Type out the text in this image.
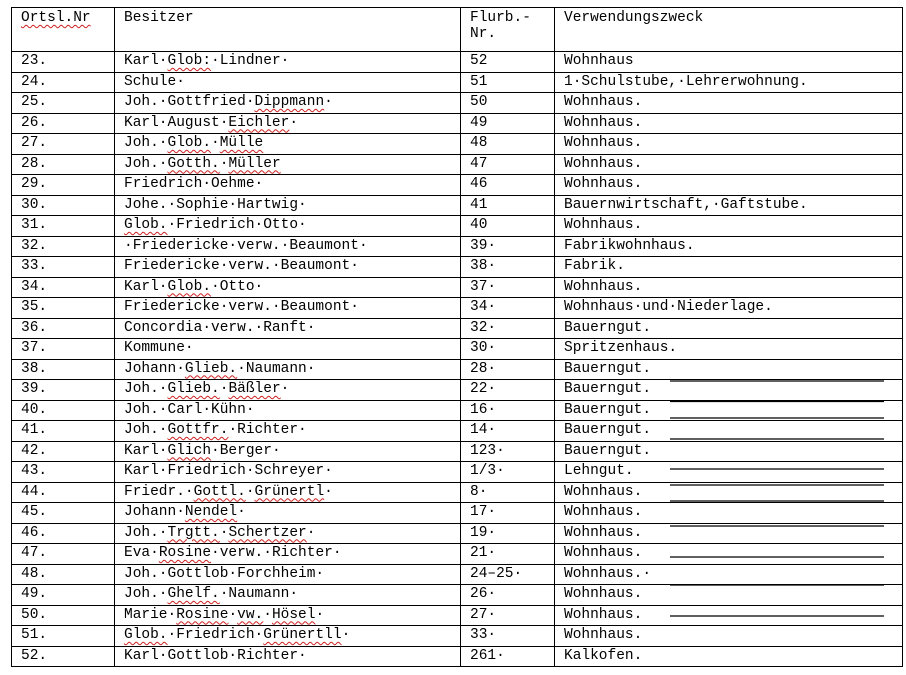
Ortsl.Nr	Besitzer	Flurb.-Nr.	Verwendungszweck
23.	Karl·Glob:·Lindner·	52	Wohnhaus
24.	Schule·	51	1·Schulstube,·Lehrerwohnung.
25.	Joh.·Gottfried·Dippmann·	50	Wohnhaus.
26.	Karl·August·Eichler·	49	Wohnhaus.
27.	Joh.·Glob.·Mülle	48	Wohnhaus.
28.	Joh.·Gotth.·Müller	47	Wohnhaus.
29.	Friedrich·Oehme·	46	Wohnhaus.
30.	Johe.·Sophie·Hartwig·	41	Bauernwirtschaft,·Gaftstube.
31.	Glob.·Friedrich·Otto·	40	Wohnhaus.
32.	·Friedericke·verw.·Beaumont·	39·	Fabrikwohnhaus.
33.	Friedericke·verw.·Beaumont·	38·	Fabrik.
34.	Karl·Glob.·Otto·	37·	Wohnhaus.
35.	Friedericke·verw.·Beaumont·	34·	Wohnhaus·und·Niederlage.
36.	Concordia·verw.·Ranft·	32·	Bauerngut.
37.	Kommune·	30·	Spritzenhaus.
38.	Johann·Glieb.·Naumann·	28·	Bauerngut.
39.	Joh.·Glieb.·Bäßler·	22·	Bauerngut.
40.	Joh.·Carl·Kühn·	16·	Bauerngut.
41.	Joh.·Gottfr.·Richter·	14·	Bauerngut.
42.	Karl·Glich·Berger·	123·	Bauerngut.
43.	Karl·Friedrich·Schreyer·	1/3·	Lehngut.
44.	Friedr.·Gottl.·Grünertl·	8·	Wohnhaus.
45.	Johann·Nendel·	17·	Wohnhaus.
46.	Joh.·Trgtt.·Schertzer·	19·	Wohnhaus.
47.	Eva·Rosine·verw.·Richter·	21·	Wohnhaus.
48.	Joh.·Gottlob·Forchheim·	24–25·	Wohnhaus.·
49.	Joh.·Ghelf.·Naumann·	26·	Wohnhaus.
50.	Marie·Rosine·vw.·Hösel·	27·	Wohnhaus.
51.	Glob.·Friedrich·Grünertll·	33·	Wohnhaus.
52.	Karl·Gottlob·Richter·	261·	Kalkofen.
